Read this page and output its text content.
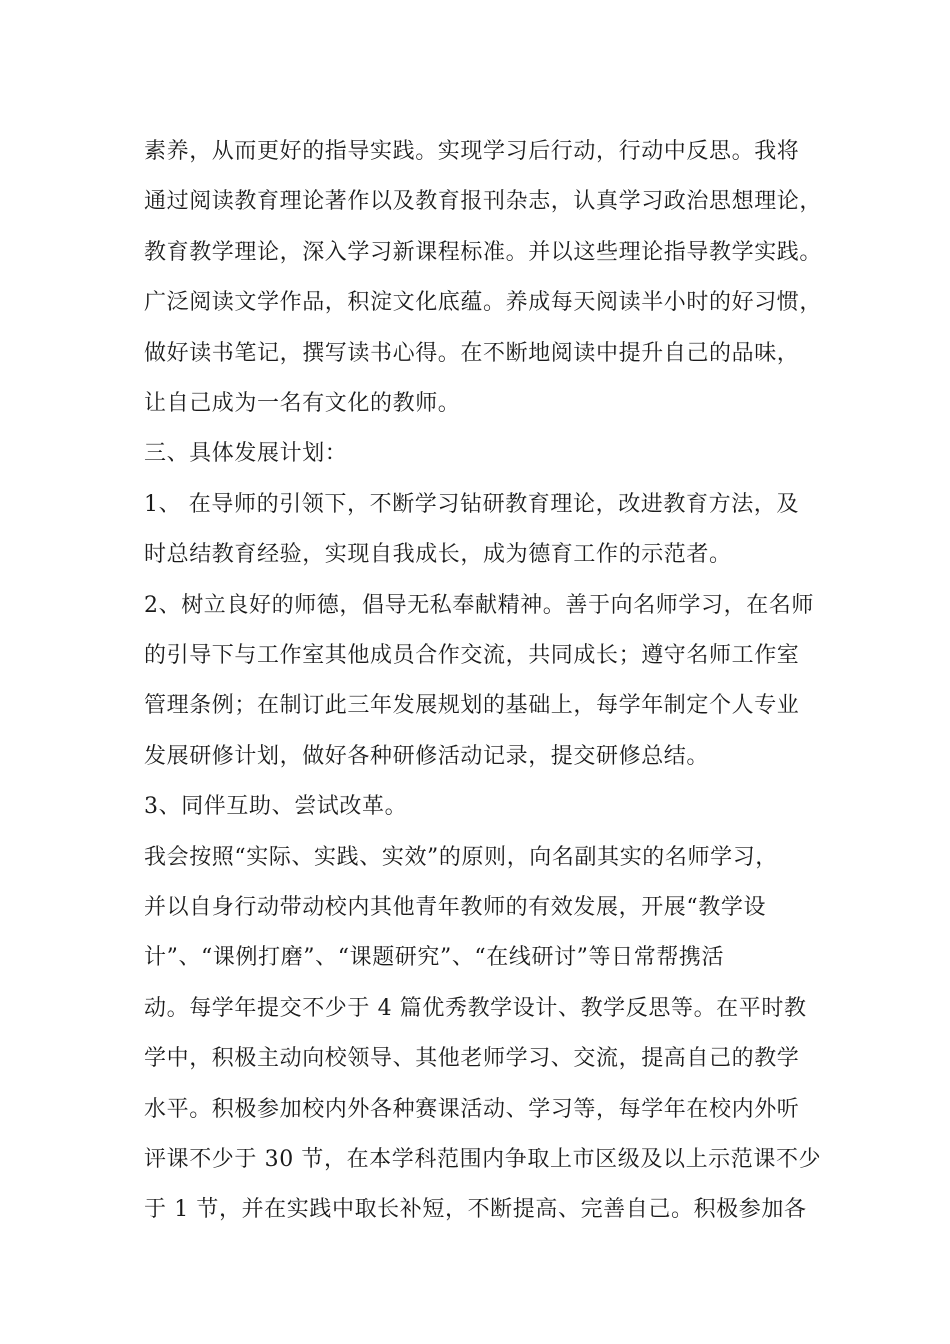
素养，从而更好的指导实践。实现学习后行动，行动中反思。我将
通过阅读教育理论著作以及教育报刊杂志，认真学习政治思想理论，
教育教学理论，深入学习新课程标准。并以这些理论指导教学实践。
广泛阅读文学作品，积淀文化底蕴。养成每天阅读半小时的好习惯，
做好读书笔记，撰写读书心得。在不断地阅读中提升自己的品味，
让自己成为一名有文化的教师。
三、具体发展计划：
1、 在导师的引领下，不断学习钻研教育理论，改进教育方法，及
时总结教育经验，实现自我成长，成为德育工作的示范者。
2、树立良好的师德，倡导无私奉献精神。善于向名师学习，在名师
的引导下与工作室其他成员合作交流，共同成长；遵守名师工作室
管理条例；在制订此三年发展规划的基础上，每学年制定个人专业
发展研修计划，做好各种研修活动记录，提交研修总结。
3、同伴互助、尝试改革。
我会按照“实际、实践、实效”的原则，向名副其实的名师学习，
并以自身行动带动校内其他青年教师的有效发展，开展“教学设
计”、“课例打磨”、“课题研究”、“在线研讨”等日常帮携活
动。每学年提交不少于 4 篇优秀教学设计、教学反思等。在平时教
学中，积极主动向校领导、其他老师学习、交流，提高自己的教学
水平。积极参加校内外各种赛课活动、学习等，每学年在校内外听
评课不少于 30 节，在本学科范围内争取上市区级及以上示范课不少
于 1 节，并在实践中取长补短，不断提高、完善自己。积极参加各
